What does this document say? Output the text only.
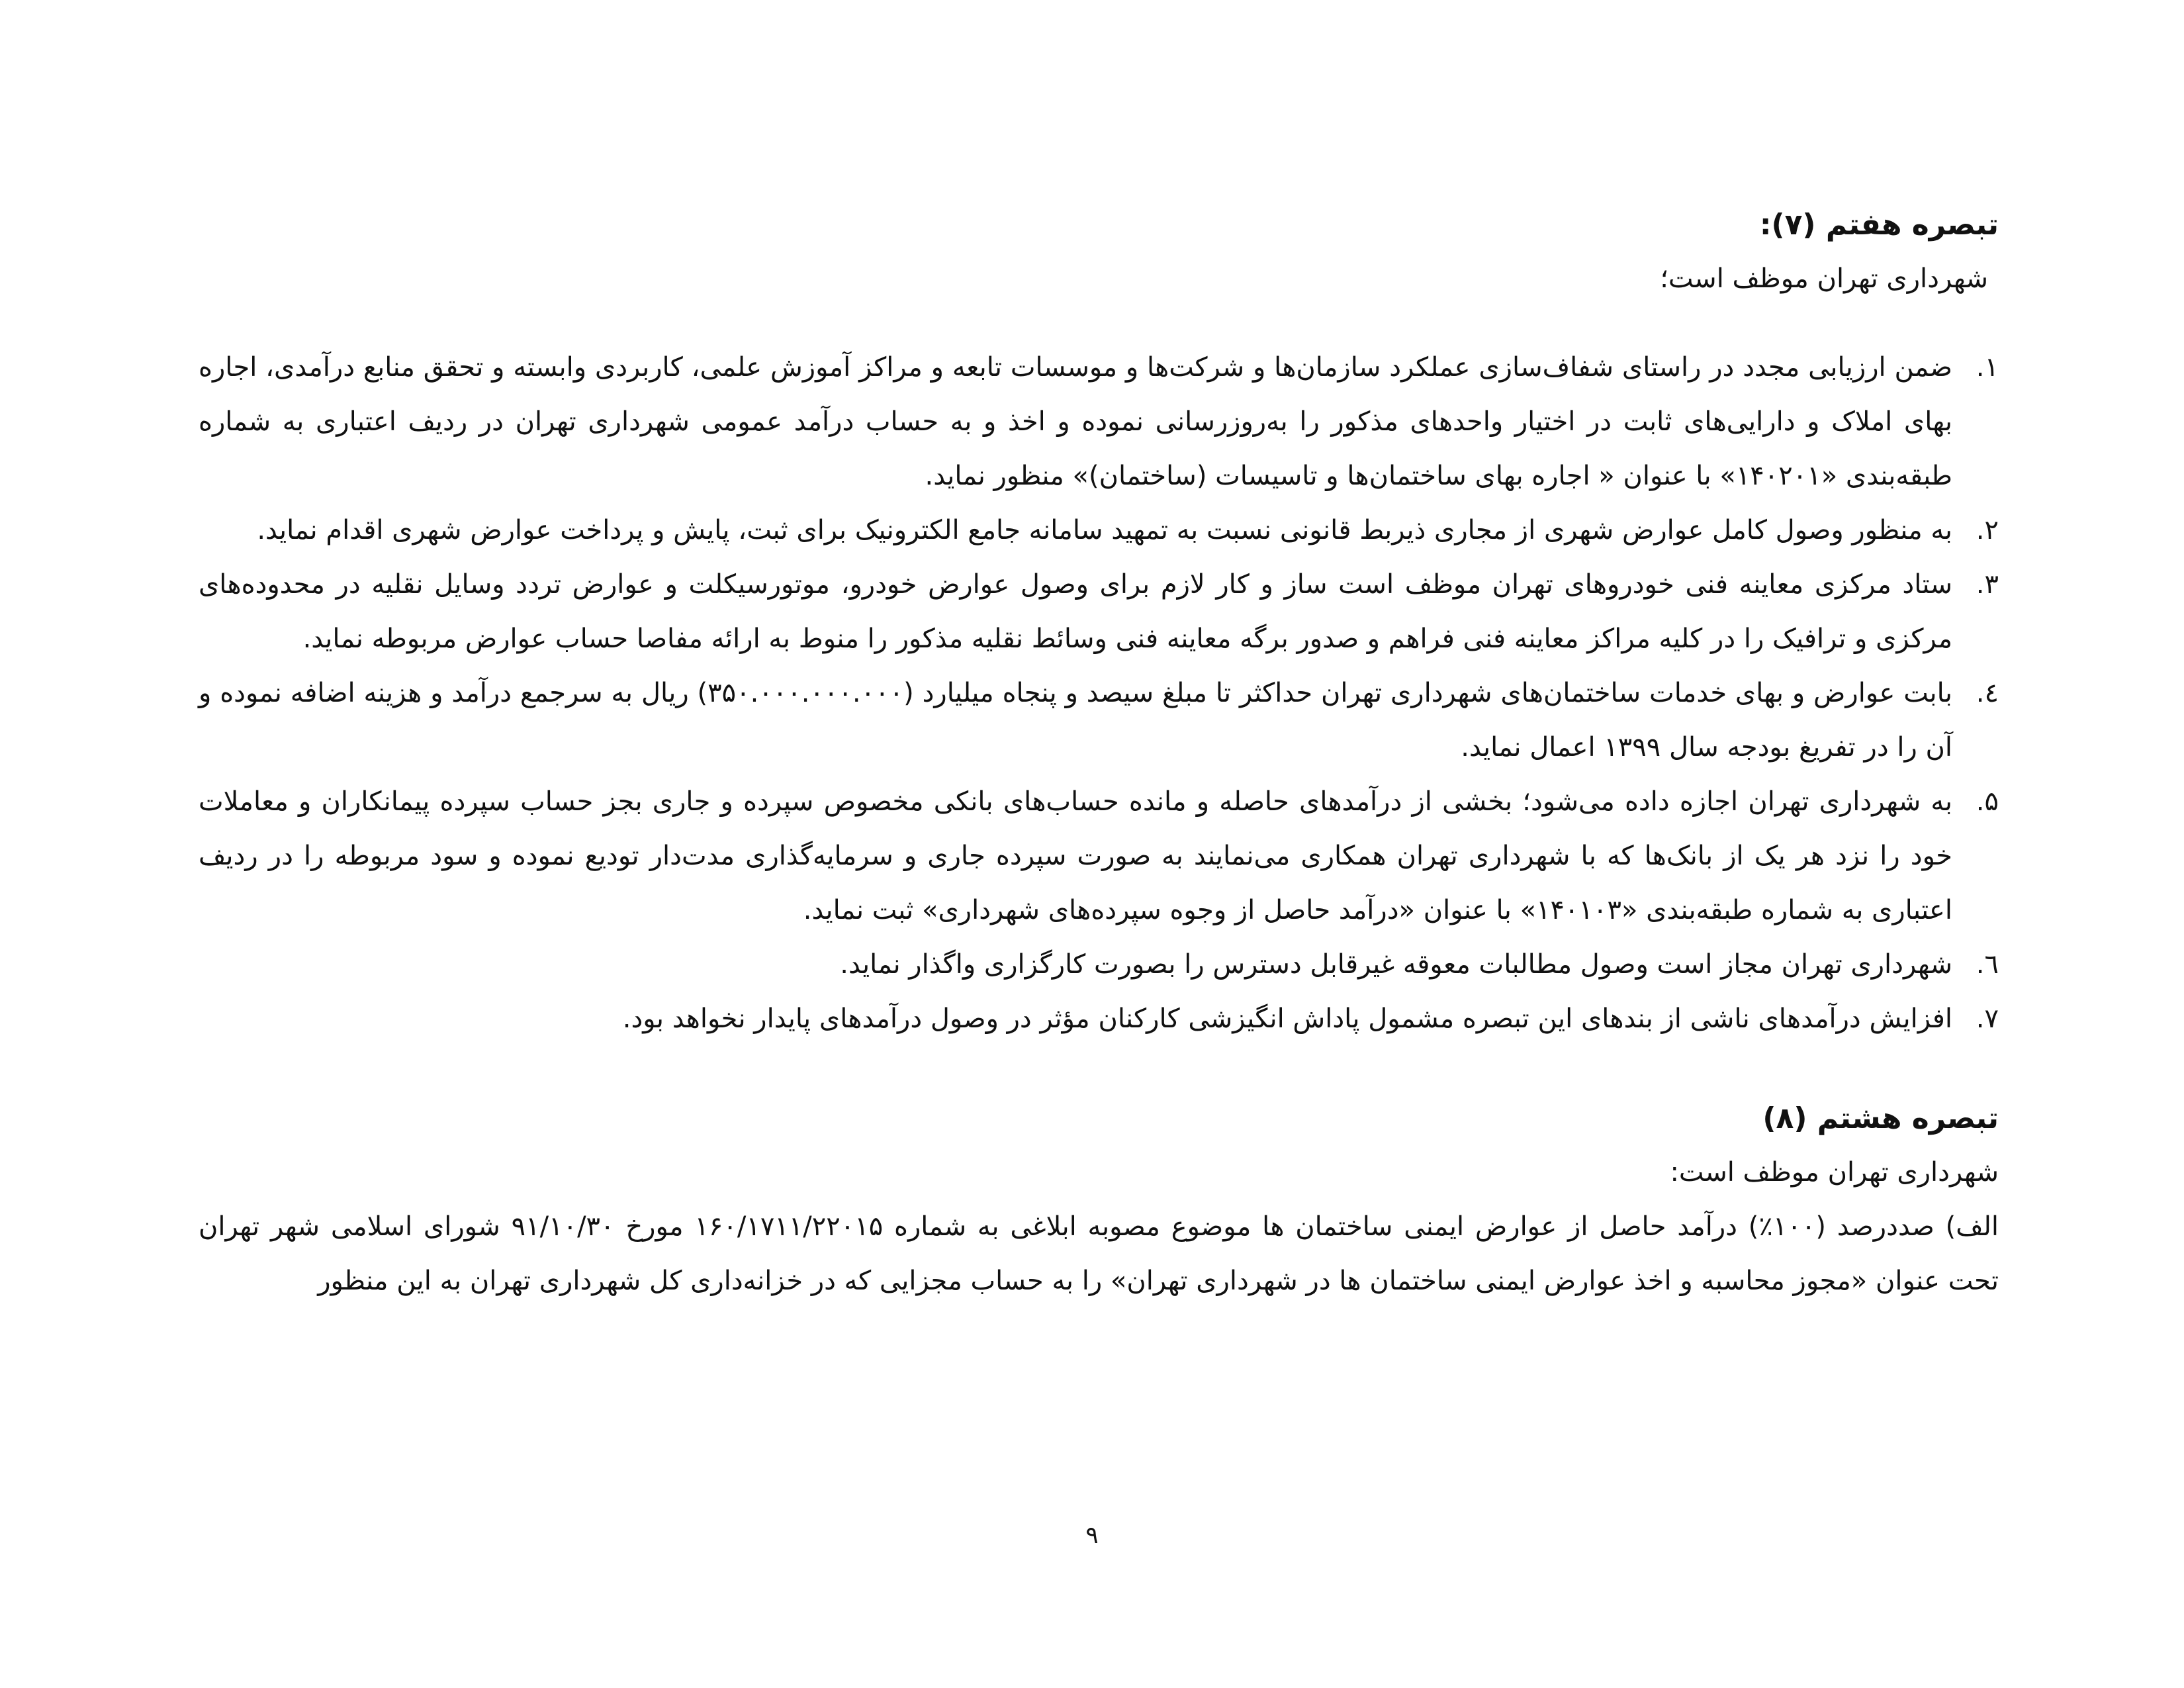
تبصره هفتم (۷):

شهرداری تهران موظف است؛

۱.
ضمن ارزیابی مجدد در راستای شفاف‌سازی عملکرد سازمان‌ها و شرکت‌ها و موسسات تابعه و مراکز آموزش علمی، کاربردی وابسته و تحقق منابع درآمدی، اجاره بهای املاک و دارایی‌های ثابت در اختیار واحدهای مذکور را به‌روزرسانی نموده و اخذ و به حساب درآمد عمومی شهرداری تهران در ردیف اعتباری به شماره طبقه‌بندی «۱۴۰۲۰۱» با عنوان « اجاره بهای ساختمان‌ها و تاسیسات (ساختمان)» منظور نماید.
۲.
به منظور وصول کامل عوارض شهری از مجاری ذیربط قانونی نسبت به تمهید سامانه جامع الکترونیک برای ثبت، پایش و پرداخت عوارض شهری اقدام نماید.
۳.
ستاد مرکزی معاینه فنی خودروهای تهران موظف است ساز و کار لازم برای وصول عوارض خودرو، موتورسیکلت و عوارض تردد وسایل نقلیه در محدوده‌های مرکزی و ترافیک را در کلیه مراکز معاینه فنی فراهم و صدور برگه معاینه فنی وسائط نقلیه مذکور را منوط به ارائه مفاصا حساب عوارض مربوطه نماید.
٤.
بابت عوارض و بهای خدمات ساختمان‌های شهرداری تهران حداکثر تا مبلغ سیصد و پنجاه میلیارد (۳۵۰.۰۰۰.۰۰۰.۰۰۰) ریال به سرجمع درآمد و هزینه اضافه نموده و آن را در تفریغ بودجه سال ۱۳۹۹ اعمال نماید.
۵.
به شهرداری تهران اجازه داده می‌شود؛ بخشی از درآمدهای حاصله و مانده حساب‌های بانکی مخصوص سپرده و جاری بجز حساب سپرده پیمانکاران و معاملات خود را نزد هر یک از بانک‌ها که با شهرداری تهران همکاری می‌نمایند به صورت سپرده جاری و سرمایه‌گذاری مدت‌دار تودیع نموده و سود مربوطه را در ردیف اعتباری به شماره طبقه‌بندی «۱۴۰۱۰۳» با عنوان «درآمد حاصل از وجوه سپرده‌های شهرداری» ثبت نماید.
٦.
شهرداری تهران مجاز است وصول مطالبات معوقه غیرقابل دسترس را بصورت کارگزاری واگذار نماید.
۷.
افزایش درآمدهای ناشی از بندهای این تبصره مشمول پاداش انگیزشی کارکنان مؤثر در وصول درآمدهای پایدار نخواهد بود.
تبصره هشتم (۸)

شهرداری تهران موظف است:

الف) صددرصد (۱۰۰٪) درآمد حاصل از عوارض ایمنی ساختمان ها موضوع مصوبه ابلاغی به شماره ۱۶۰/۱۷۱۱/۲۲۰۱۵ مورخ ۹۱/۱۰/۳۰ شورای اسلامی شهر تهران تحت عنوان «مجوز محاسبه و اخذ عوارض ایمنی ساختمان ها در شهرداری تهران» را به حساب مجزایی که در خزانه‌داری کل شهرداری تهران به این منظور

۹
